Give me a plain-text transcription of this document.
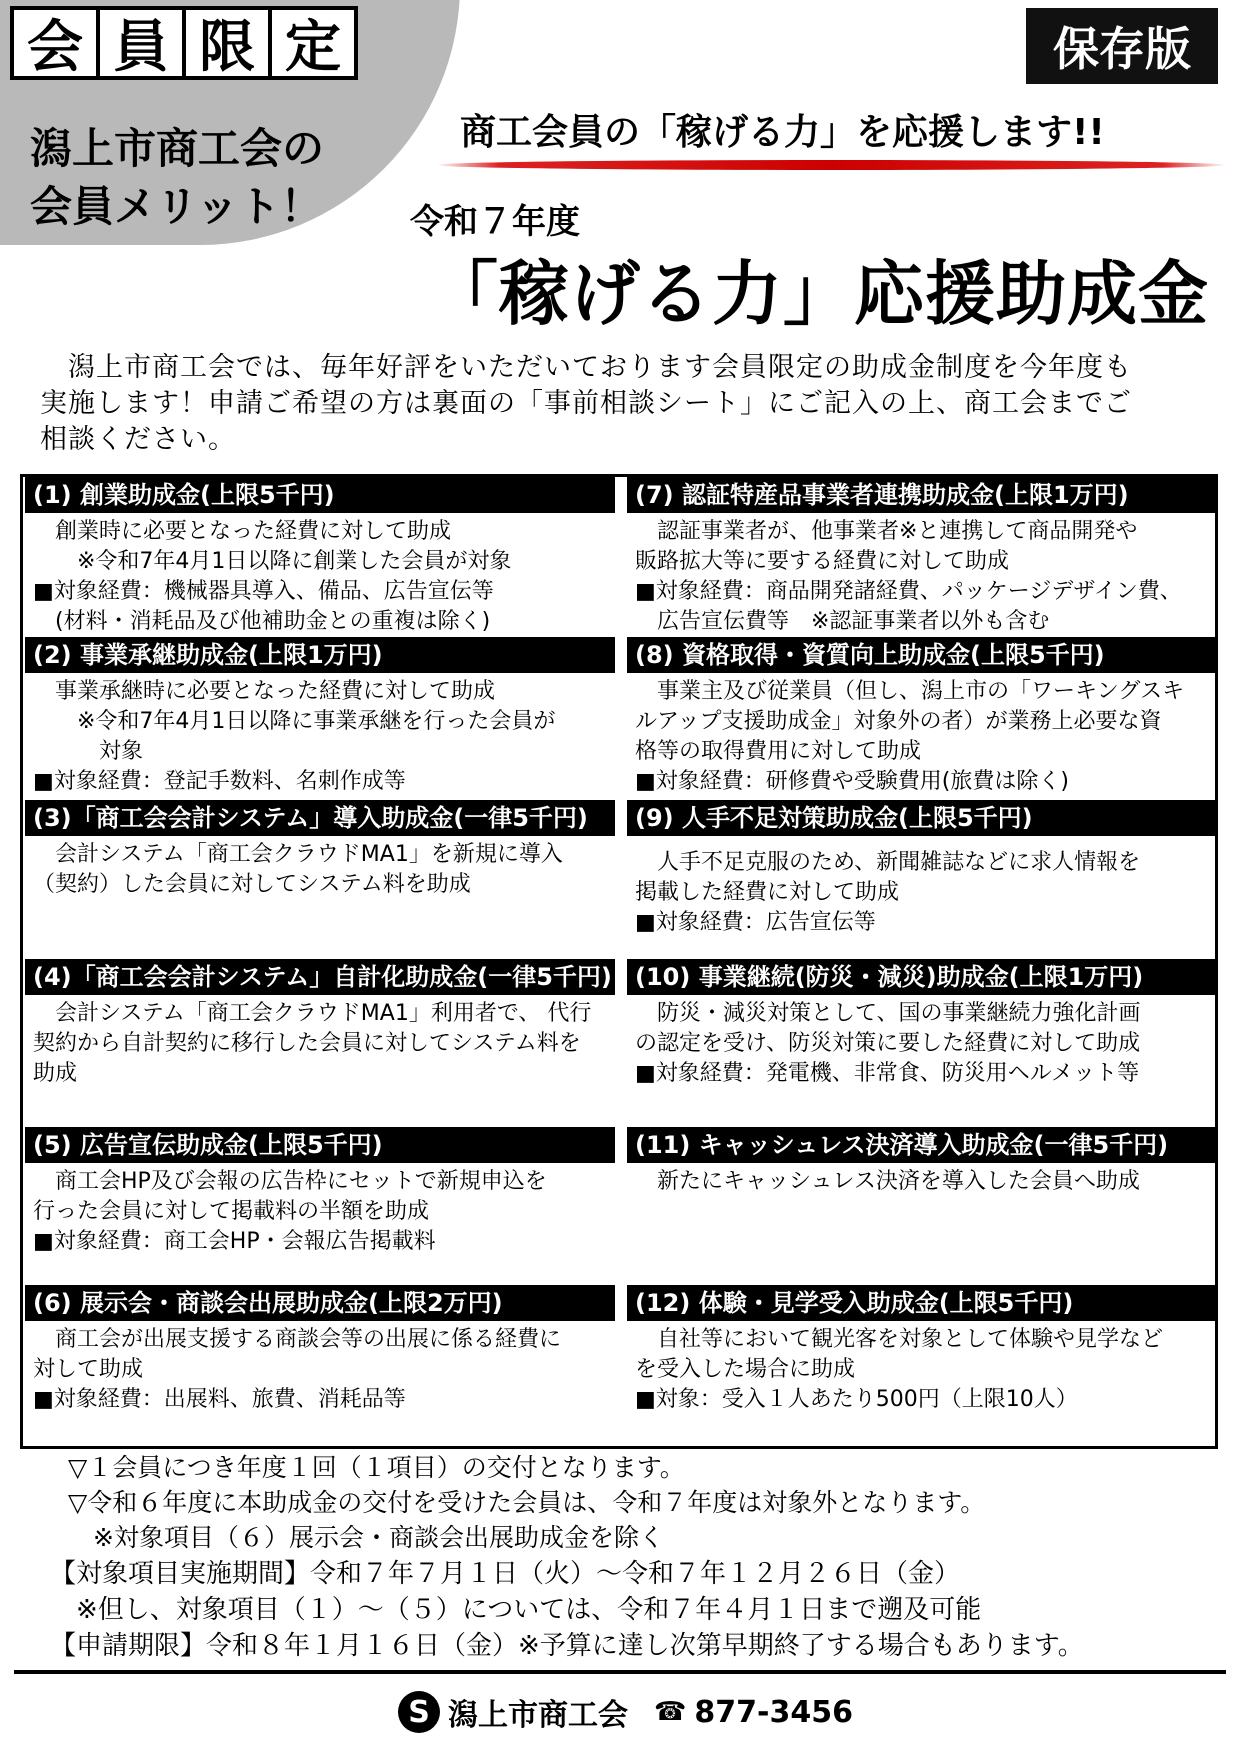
会 員 限 定
潟上市商工会の
会員メリット！
保存版
商工会員の「稼げる力」を応援します!!
令和７年度
「稼げる力」応援助成金
　潟上市商工会では、毎年好評をいただいております会員限定の助成金制度を今年度も
実施します！申請ご希望の方は裏面の「事前相談シート」にご記入の上、商工会までご
相談ください。
(1) 創業助成金(上限5千円)
　創業時に必要となった経費に対して助成
　　※令和7年4月1日以降に創業した会員が対象
■対象経費：機械器具導入、備品、広告宣伝等
　(材料・消耗品及び他補助金との重複は除く)
(2) 事業承継助成金(上限1万円)
　事業承継時に必要となった経費に対して助成
　　※令和7年4月1日以降に事業承継を行った会員が
　　　対象
■対象経費：登記手数料、名刺作成等
(3)「商工会会計システム」導入助成金(一律5千円)
　会計システム「商工会クラウドMA1」を新規に導入
（契約）した会員に対してシステム料を助成
(4)「商工会会計システム」自計化助成金(一律5千円)
　会計システム「商工会クラウドMA1」利用者で、 代行
契約から自計契約に移行した会員に対してシステム料を
助成
(5) 広告宣伝助成金(上限5千円)
　商工会HP及び会報の広告枠にセットで新規申込を
行った会員に対して掲載料の半額を助成
■対象経費：商工会HP・会報広告掲載料
(6) 展示会・商談会出展助成金(上限2万円)
　商工会が出展支援する商談会等の出展に係る経費に
対して助成
■対象経費：出展料、旅費、消耗品等
(7) 認証特産品事業者連携助成金(上限1万円)
　認証事業者が、他事業者※と連携して商品開発や
販路拡大等に要する経費に対して助成
■対象経費：商品開発諸経費、パッケージデザイン費、
　広告宣伝費等　※認証事業者以外も含む
(8) 資格取得・資質向上助成金(上限5千円)
　事業主及び従業員（但し、潟上市の「ワーキングスキ
ルアップ支援助成金」対象外の者）が業務上必要な資
格等の取得費用に対して助成
■対象経費：研修費や受験費用(旅費は除く)
(9) 人手不足対策助成金(上限5千円)
　人手不足克服のため、新聞雑誌などに求人情報を
掲載した経費に対して助成
■対象経費：広告宣伝等
(10) 事業継続(防災・減災)助成金(上限1万円)
　防災・減災対策として、国の事業継続力強化計画
の認定を受け、防災対策に要した経費に対して助成
■対象経費：発電機、非常食、防災用ヘルメット等
(11) キャッシュレス決済導入助成金(一律5千円)
　新たにキャッシュレス決済を導入した会員へ助成
(12) 体験・見学受入助成金(上限5千円)
　自社等において観光客を対象として体験や見学など
を受入した場合に助成
■対象：受入１人あたり500円（上限10人）
▽１会員につき年度１回（１項目）の交付となります。
▽令和６年度に本助成金の交付を受けた会員は、令和７年度は対象外となります。
　※対象項目（６）展示会・商談会出展助成金を除く
【対象項目実施期間】令和７年７月１日（火）～令和７年１２月２６日（金）
　※但し、対象項目（１）～（５）については、令和７年４月１日まで遡及可能
【申請期限】令和８年１月１６日（金）※予算に達し次第早期終了する場合もあります。
S 潟上市商工会 ☎ 877-3456
